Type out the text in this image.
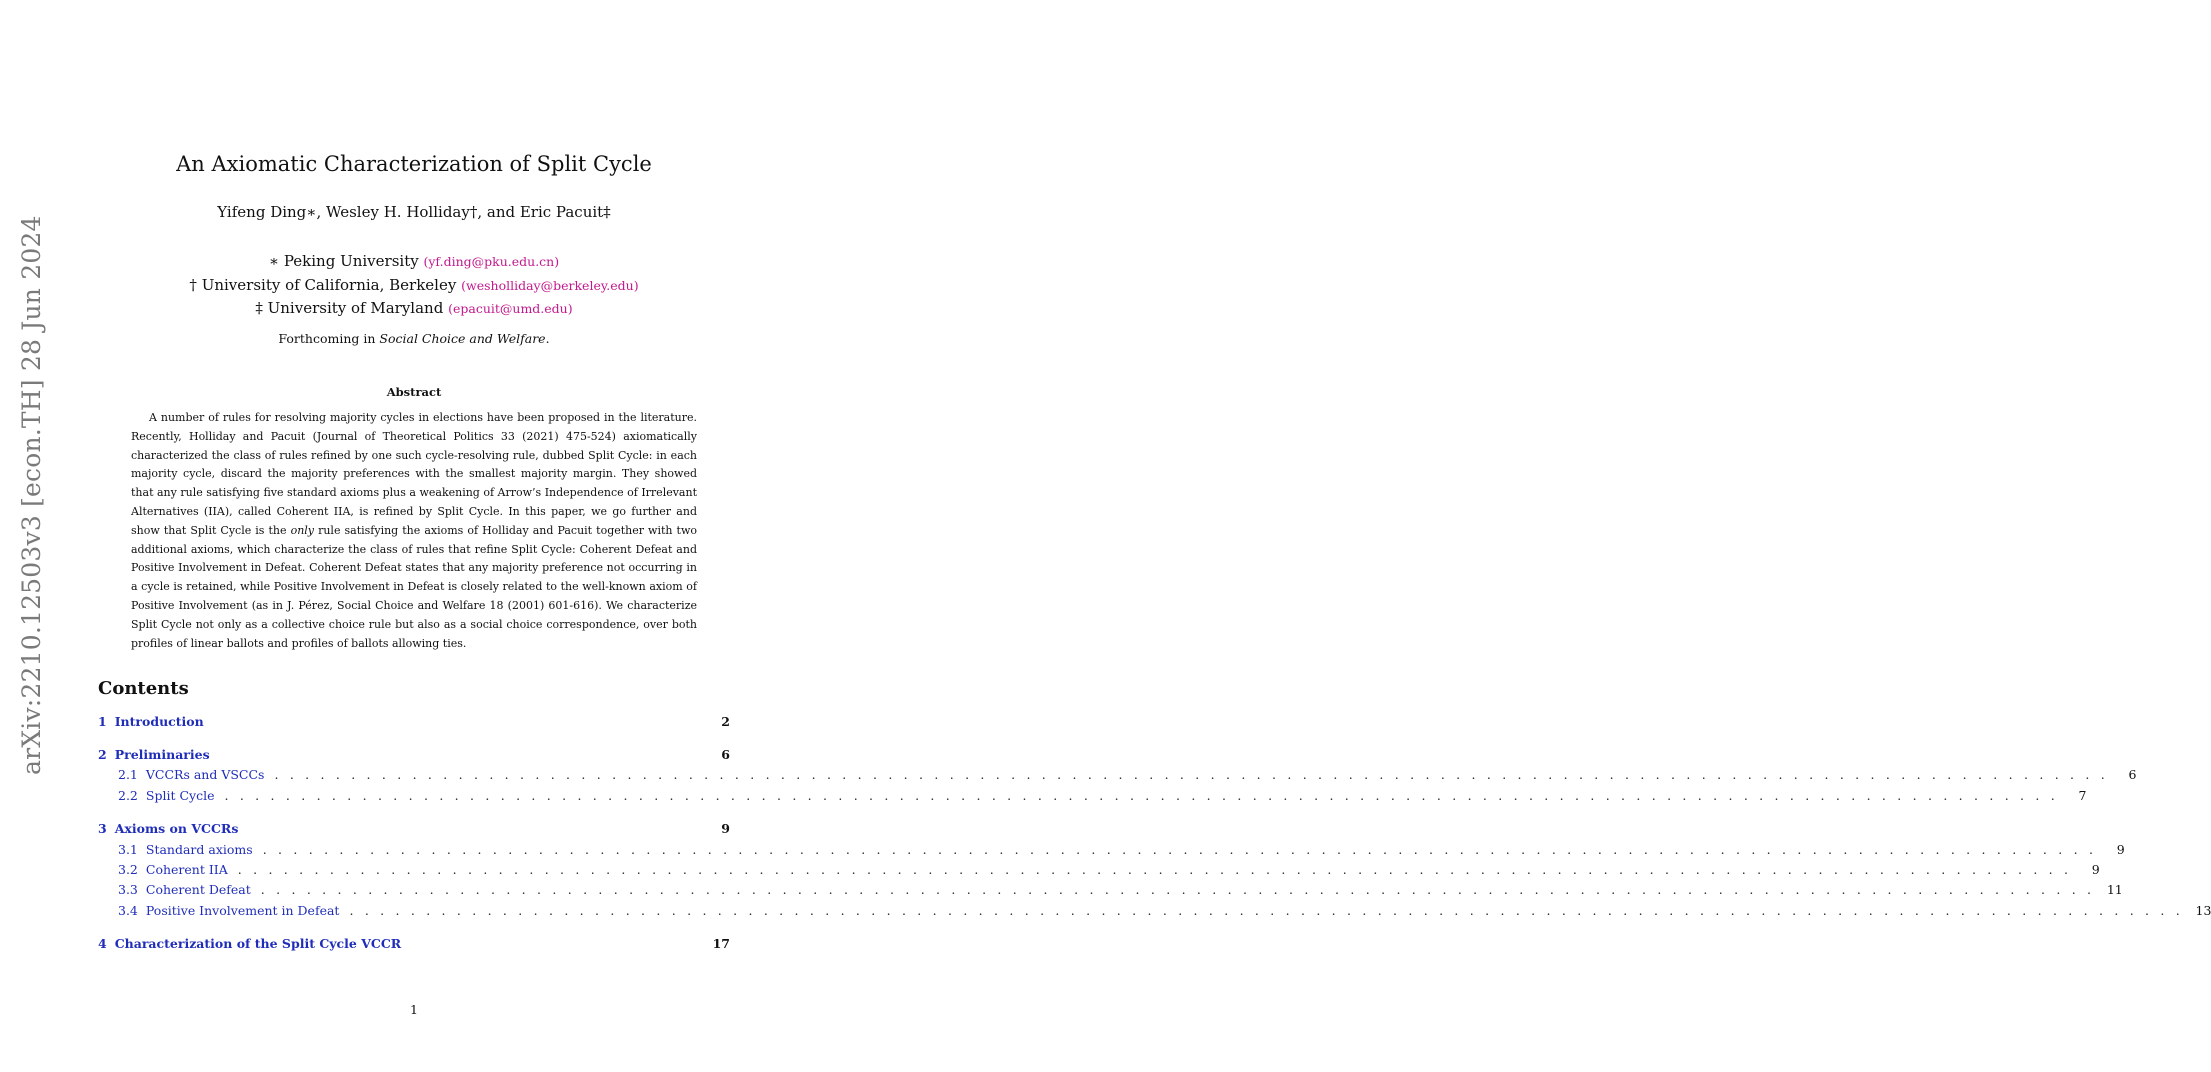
arXiv:2210.12503v3 [econ.TH] 28 Jun 2024
An Axiomatic Characterization of Split Cycle
Yifeng Ding∗, Wesley H. Holliday†, and Eric Pacuit‡
∗ Peking University (yf.ding@pku.edu.cn)
† University of California, Berkeley (wesholliday@berkeley.edu)
‡ University of Maryland (epacuit@umd.edu)
Forthcoming in Social Choice and Welfare.
Abstract

A number of rules for resolving majority cycles in elections have been proposed in the literature. Recently, Holliday and Pacuit (Journal of Theoretical Politics 33 (2021) 475-524) axiomatically characterized the class of rules refined by one such cycle-resolving rule, dubbed Split Cycle: in each majority cycle, discard the majority preferences with the smallest majority margin. They showed that any rule satisfying five standard axioms plus a weakening of Arrow’s Independence of Irrelevant Alternatives (IIA), called Coherent IIA, is refined by Split Cycle. In this paper, we go further and show that Split Cycle is the only rule satisfying the axioms of Holliday and Pacuit together with two additional axioms, which characterize the class of rules that refine Split Cycle: Coherent Defeat and Positive Involvement in Defeat. Coherent Defeat states that any majority preference not occurring in a cycle is retained, while Positive Involvement in Defeat is closely related to the well-known axiom of Positive Involvement (as in J. Pérez, Social Choice and Welfare 18 (2001) 601-616). We characterize Split Cycle not only as a collective choice rule but also as a social choice correspondence, over both profiles of linear ballots and profiles of ballots allowing ties.

Contents
1 Introduction	2
2 Preliminaries	6
2.1 VCCRs and VSCCs . . . . . . . . . . . . . . . . . . . . . . . . . . . . . . . . . . . . . . . . . . . . . . . . . . . . . . . . . . . . . . . . . . . . . . . . . . . . . . . . . . . . . . . . . . . . . . . . . . . . . . . . . . . . . . . . . . . . . . . .	6
2.2 Split Cycle . . . . . . . . . . . . . . . . . . . . . . . . . . . . . . . . . . . . . . . . . . . . . . . . . . . . . . . . . . . . . . . . . . . . . . . . . . . . . . . . . . . . . . . . . . . . . . . . . . . . . . . . . . . . . . . . . . . . . . . .	7
3 Axioms on VCCRs	9
3.1 Standard axioms . . . . . . . . . . . . . . . . . . . . . . . . . . . . . . . . . . . . . . . . . . . . . . . . . . . . . . . . . . . . . . . . . . . . . . . . . . . . . . . . . . . . . . . . . . . . . . . . . . . . . . . . . . . . . . . . . . . . . . . .	9
3.2 Coherent IIA . . . . . . . . . . . . . . . . . . . . . . . . . . . . . . . . . . . . . . . . . . . . . . . . . . . . . . . . . . . . . . . . . . . . . . . . . . . . . . . . . . . . . . . . . . . . . . . . . . . . . . . . . . . . . . . . . . . . . . . .	9
3.3 Coherent Defeat . . . . . . . . . . . . . . . . . . . . . . . . . . . . . . . . . . . . . . . . . . . . . . . . . . . . . . . . . . . . . . . . . . . . . . . . . . . . . . . . . . . . . . . . . . . . . . . . . . . . . . . . . . . . . . . . . . . . . . . . 11
3.4 Positive Involvement in Defeat . . . . . . . . . . . . . . . . . . . . . . . . . . . . . . . . . . . . . . . . . . . . . . . . . . . . . . . . . . . . . . . . . . . . . . . . . . . . . . . . . . . . . . . . . . . . . . . . . . . . . . . . . . . . . . . . . . . . . . . . 13
4 Characterization of the Split Cycle VCCR	17
1
